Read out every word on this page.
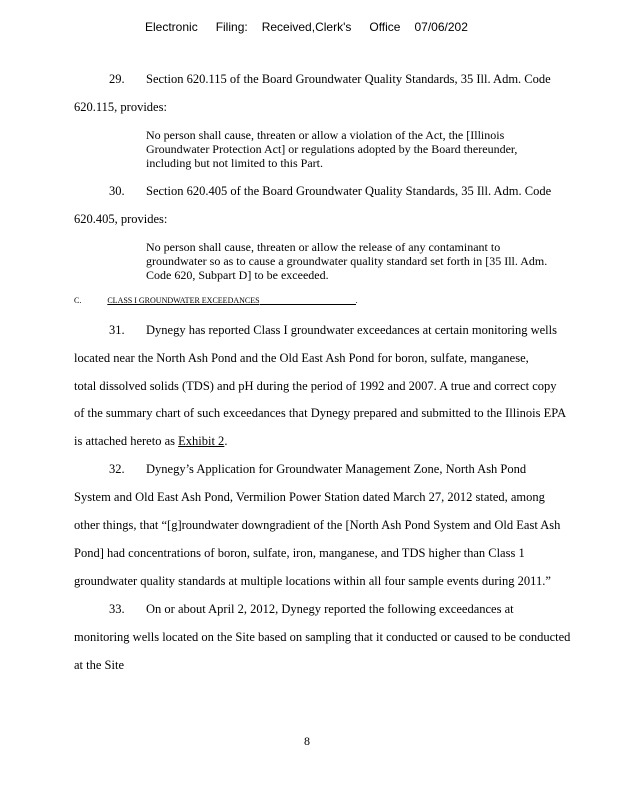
Electronic Filing: Received,Clerk's Office 07/06/202
29. Section 620.115 of the Board Groundwater Quality Standards, 35 Ill. Adm. Code
620.115, provides:
No person shall cause, threaten or allow a violation of the Act, the [Illinois
Groundwater Protection Act] or regulations adopted by the Board thereunder,
including but not limited to this Part.
30. Section 620.405 of the Board Groundwater Quality Standards, 35 Ill. Adm. Code
620.405, provides:
No person shall cause, threaten or allow the release of any contaminant to
groundwater so as to cause a groundwater quality standard set forth in [35 Ill. Adm.
Code 620, Subpart D] to be exceeded.
C.	CLASS I GROUNDWATER EXCEEDANCES	.
31. Dynegy has reported Class I groundwater exceedances at certain monitoring wells
located near the North Ash Pond and the Old East Ash Pond for boron, sulfate, manganese,
total dissolved solids (TDS) and pH during the period of 1992 and 2007. A true and correct copy
of the summary chart of such exceedances that Dynegy prepared and submitted to the Illinois EPA
is attached hereto as Exhibit 2.
32. Dynegy’s Application for Groundwater Management Zone, North Ash Pond
System and Old East Ash Pond, Vermilion Power Station dated March 27, 2012 stated, among
other things, that “[g]roundwater downgradient of the [North Ash Pond System and Old East Ash
Pond] had concentrations of boron, sulfate, iron, manganese, and TDS higher than Class 1
groundwater quality standards at multiple locations within all four sample events during 2011.”
33. On or about April 2, 2012, Dynegy reported the following exceedances at
monitoring wells located on the Site based on sampling that it conducted or caused to be conducted
at the Site
8
